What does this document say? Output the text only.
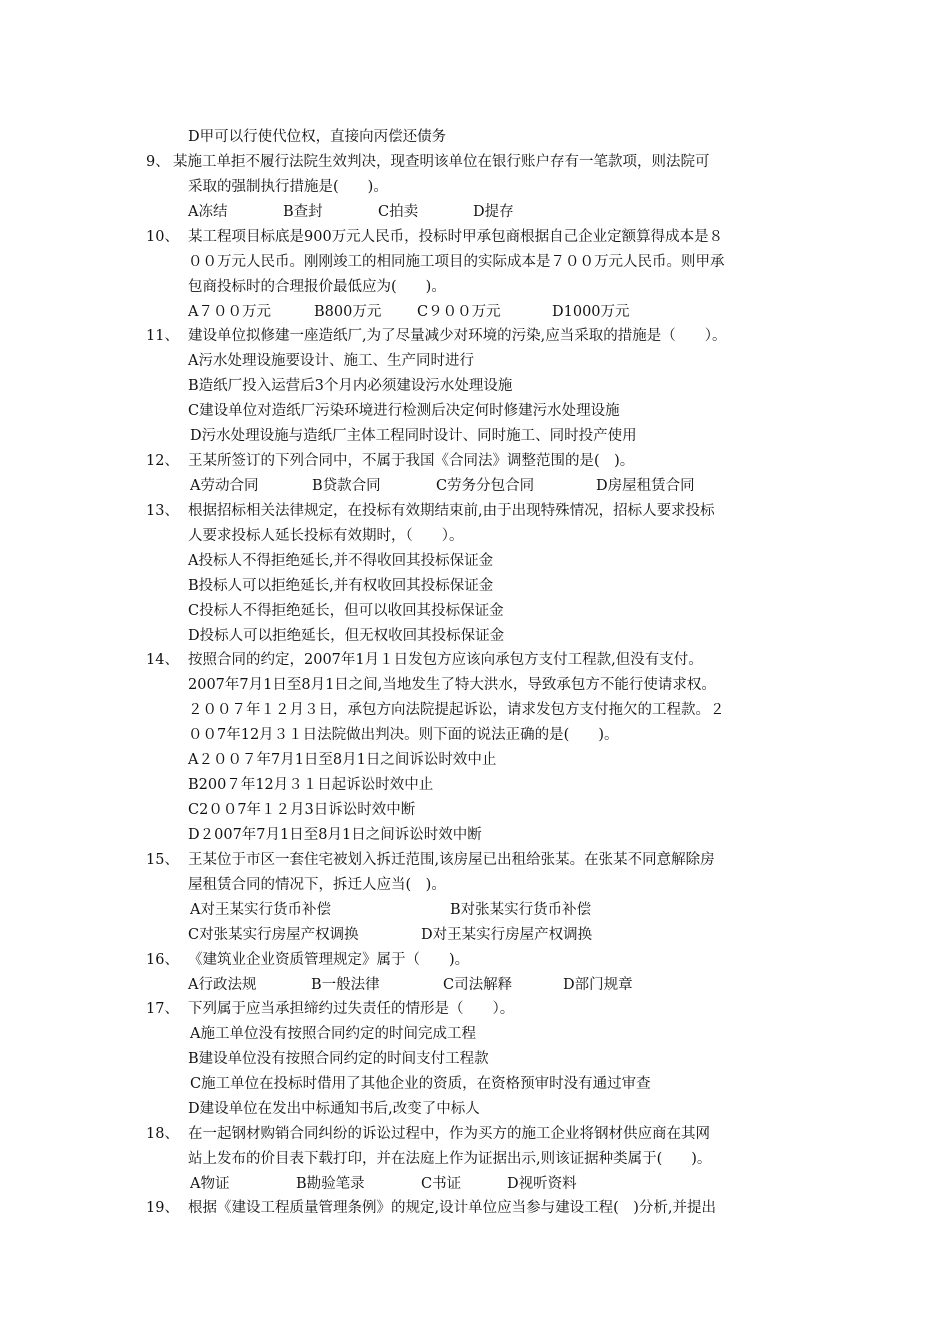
D甲可以行使代位权，直接向丙偿还债务
9、 某施工单拒不履行法院生效判决，现查明该单位在银行账户存有一笔款项，则法院可
采取的强制执行措施是(　　)。
A冻结	B查封	C拍卖	D提存
10、 某工程项目标底是900万元人民币，投标时甲承包商根据自己企业定额算得成本是８
００万元人民币。刚刚竣工的相同施工项目的实际成本是７００万元人民币。则甲承
包商投标时的合理报价最低应为(　　)。
A７００万元	B800万元 C９００万元	D1000万元
11、 建设单位拟修建一座造纸厂,为了尽量减少对环境的污染,应当采取的措施是（　　）。
A污水处理设施要设计、施工、生产同时进行
B造纸厂投入运营后3个月内必须建设污水处理设施
C建设单位对造纸厂污染环境进行检测后决定何时修建污水处理设施
D污水处理设施与造纸厂主体工程同时设计、同时施工、同时投产使用
12、 王某所签订的下列合同中，不属于我国《合同法》调整范围的是(　)。
A劳动合同	B贷款合同	C劳务分包合同	D房屋租赁合同
13、 根据招标相关法律规定，在投标有效期结束前,由于出现特殊情况，招标人要求投标
人要求投标人延长投标有效期时，（　　）。
A投标人不得拒绝延长,并不得收回其投标保证金
B投标人可以拒绝延长,并有权收回其投标保证金
C投标人不得拒绝延长，但可以收回其投标保证金
D投标人可以拒绝延长，但无权收回其投标保证金
14、 按照合同的约定，2007年1月１日发包方应该向承包方支付工程款,但没有支付。
2007年7月1日至8月1日之间,当地发生了特大洪水，导致承包方不能行使请求权。
２００７年１２月３日，承包方向法院提起诉讼，请求发包方支付拖欠的工程款。２
００7年12月３１日法院做出判决。则下面的说法正确的是(　　)。
A２００７年7月1日至8月1日之间诉讼时效中止
B200７年12月３１日起诉讼时效中止
C2００7年１２月3日诉讼时效中断
D２007年7月1日至8月1日之间诉讼时效中断
15、 王某位于市区一套住宅被划入拆迁范围,该房屋已出租给张某。在张某不同意解除房
屋租赁合同的情况下，拆迁人应当(　)。
A对王某实行货币补偿	B对张某实行货币补偿
C对张某实行房屋产权调换	D对王某实行房屋产权调换
16、 《建筑业企业资质管理规定》属于（　　)。
A行政法规	B一般法律	C司法解释	D部门规章
17、 下列属于应当承担缔约过失责任的情形是（　　）。
A施工单位没有按照合同约定的时间完成工程
B建设单位没有按照合同约定的时间支付工程款
C施工单位在投标时借用了其他企业的资质，在资格预审时没有通过审查
D建设单位在发出中标通知书后,改变了中标人
18、 在一起钢材购销合同纠纷的诉讼过程中，作为买方的施工企业将钢材供应商在其网
站上发布的价目表下载打印，并在法庭上作为证据出示,则该证据种类属于(　　)。
A物证	B勘验笔录	C书证	D视听资料
19、 根据《建设工程质量管理条例》的规定,设计单位应当参与建设工程(　)分析,并提出
